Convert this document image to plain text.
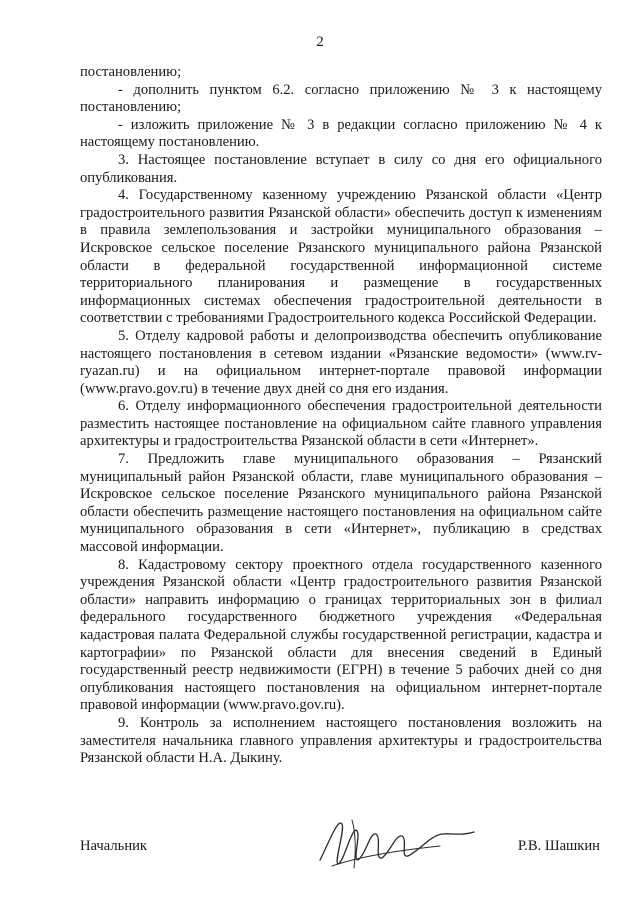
2

постановлению;

- дополнить пунктом 6.2. согласно приложению № 3 к настоящему постановлению;

- изложить приложение № 3 в редакции согласно приложению № 4 к настоящему постановлению.

3. Настоящее постановление вступает в силу со дня его официального опубликования.

4. Государственному казенному учреждению Рязанской области «Центр градостроительного развития Рязанской области» обеспечить доступ к изменениям в правила землепользования и застройки муниципального образования – Искровское сельское поселение Рязанского муниципального района Рязанской области в федеральной государственной информационной системе территориального планирования и размещение в государственных информационных системах обеспечения градостроительной деятельности в соответствии с требованиями Градостроительного кодекса Российской Федерации.

5. Отделу кадровой работы и делопроизводства обеспечить опубликование настоящего постановления в сетевом издании «Рязанские ведомости» (www.rv-ryazan.ru) и на официальном интернет-портале правовой информации (www.pravo.gov.ru) в течение двух дней со дня его издания.

6. Отделу информационного обеспечения градостроительной деятельности разместить настоящее постановление на официальном сайте главного управления архитектуры и градостроительства Рязанской области в сети «Интернет».

7. Предложить главе муниципального образования – Рязанский муниципальный район Рязанской области, главе муниципального образования – Искровское сельское поселение Рязанского муниципального района Рязанской области обеспечить размещение настоящего постановления на официальном сайте муниципального образования в сети «Интернет», публикацию в средствах массовой информации.

8. Кадастровому сектору проектного отдела государственного казенного учреждения Рязанской области «Центр градостроительного развития Рязанской области» направить информацию о границах территориальных зон в филиал федерального государственного бюджетного учреждения «Федеральная кадастровая палата Федеральной службы государственной регистрации, кадастра и картографии» по Рязанской области для внесения сведений в Единый государственный реестр недвижимости (ЕГРН) в течение 5 рабочих дней со дня опубликования настоящего постановления на официальном интернет-портале правовой информации (www.pravo.gov.ru).

9. Контроль за исполнением настоящего постановления возложить на заместителя начальника главного управления архитектуры и градостроительства Рязанской области Н.А. Дыкину.

Начальник	Р.В. Шашкин
